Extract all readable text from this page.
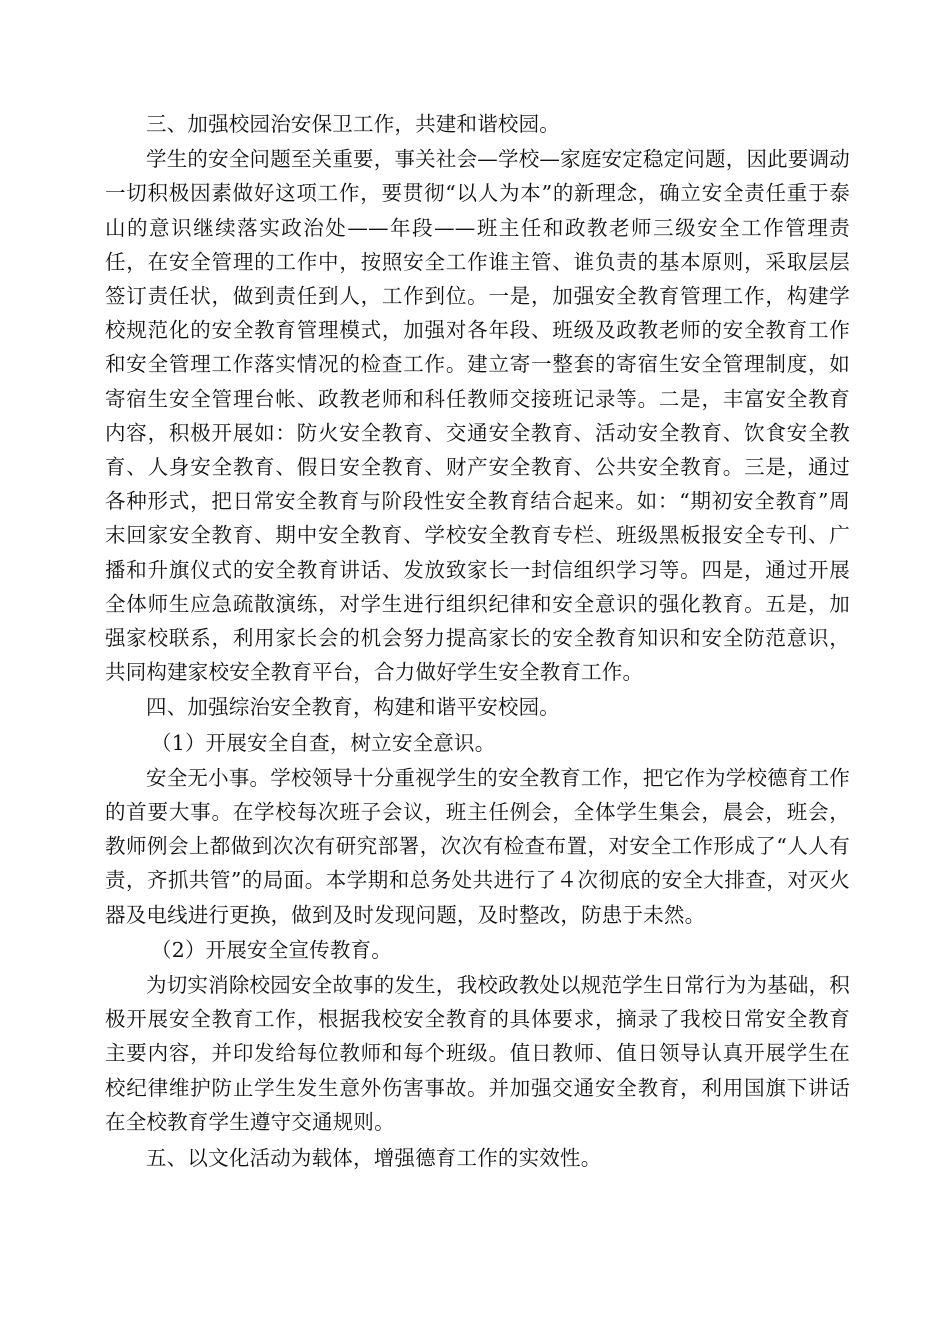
三、加强校园治安保卫工作，共建和谐校园。

学生的安全问题至关重要，事关社会—学校—家庭安定稳定问题，因此要调动一切积极因素做好这项工作，要贯彻“以人为本”的新理念，确立安全责任重于泰山的意识继续落实政治处——年段——班主任和政教老师三级安全工作管理责任，在安全管理的工作中，按照安全工作谁主管、谁负责的基本原则，采取层层签订责任状，做到责任到人，工作到位。一是，加强安全教育管理工作，构建学校规范化的安全教育管理模式，加强对各年段、班级及政教老师的安全教育工作和安全管理工作落实情况的检查工作。建立寄一整套的寄宿生安全管理制度，如寄宿生安全管理台帐、政教老师和科任教师交接班记录等。二是，丰富安全教育内容，积极开展如：防火安全教育、交通安全教育、活动安全教育、饮食安全教育、人身安全教育、假日安全教育、财产安全教育、公共安全教育。三是，通过各种形式，把日常安全教育与阶段性安全教育结合起来。如：“期初安全教育”周末回家安全教育、期中安全教育、学校安全教育专栏、班级黑板报安全专刊、广播和升旗仪式的安全教育讲话、发放致家长一封信组织学习等。四是，通过开展全体师生应急疏散演练，对学生进行组织纪律和安全意识的强化教育。五是，加强家校联系，利用家长会的机会努力提高家长的安全教育知识和安全防范意识，共同构建家校安全教育平台，合力做好学生安全教育工作。

四、加强综治安全教育，构建和谐平安校园。

（1）开展安全自查，树立安全意识。

安全无小事。学校领导十分重视学生的安全教育工作，把它作为学校德育工作的首要大事。在学校每次班子会议，班主任例会，全体学生集会，晨会，班会，教师例会上都做到次次有研究部署，次次有检查布置，对安全工作形成了“人人有责，齐抓共管”的局面。本学期和总务处共进行了４次彻底的安全大排查，对灭火器及电线进行更换，做到及时发现问题，及时整改，防患于未然。

（2）开展安全宣传教育。

为切实消除校园安全故事的发生，我校政教处以规范学生日常行为为基础，积极开展安全教育工作，根据我校安全教育的具体要求，摘录了我校日常安全教育主要内容，并印发给每位教师和每个班级。值日教师、值日领导认真开展学生在校纪律维护防止学生发生意外伤害事故。并加强交通安全教育，利用国旗下讲话在全校教育学生遵守交通规则。

五、以文化活动为载体，增强德育工作的实效性。
